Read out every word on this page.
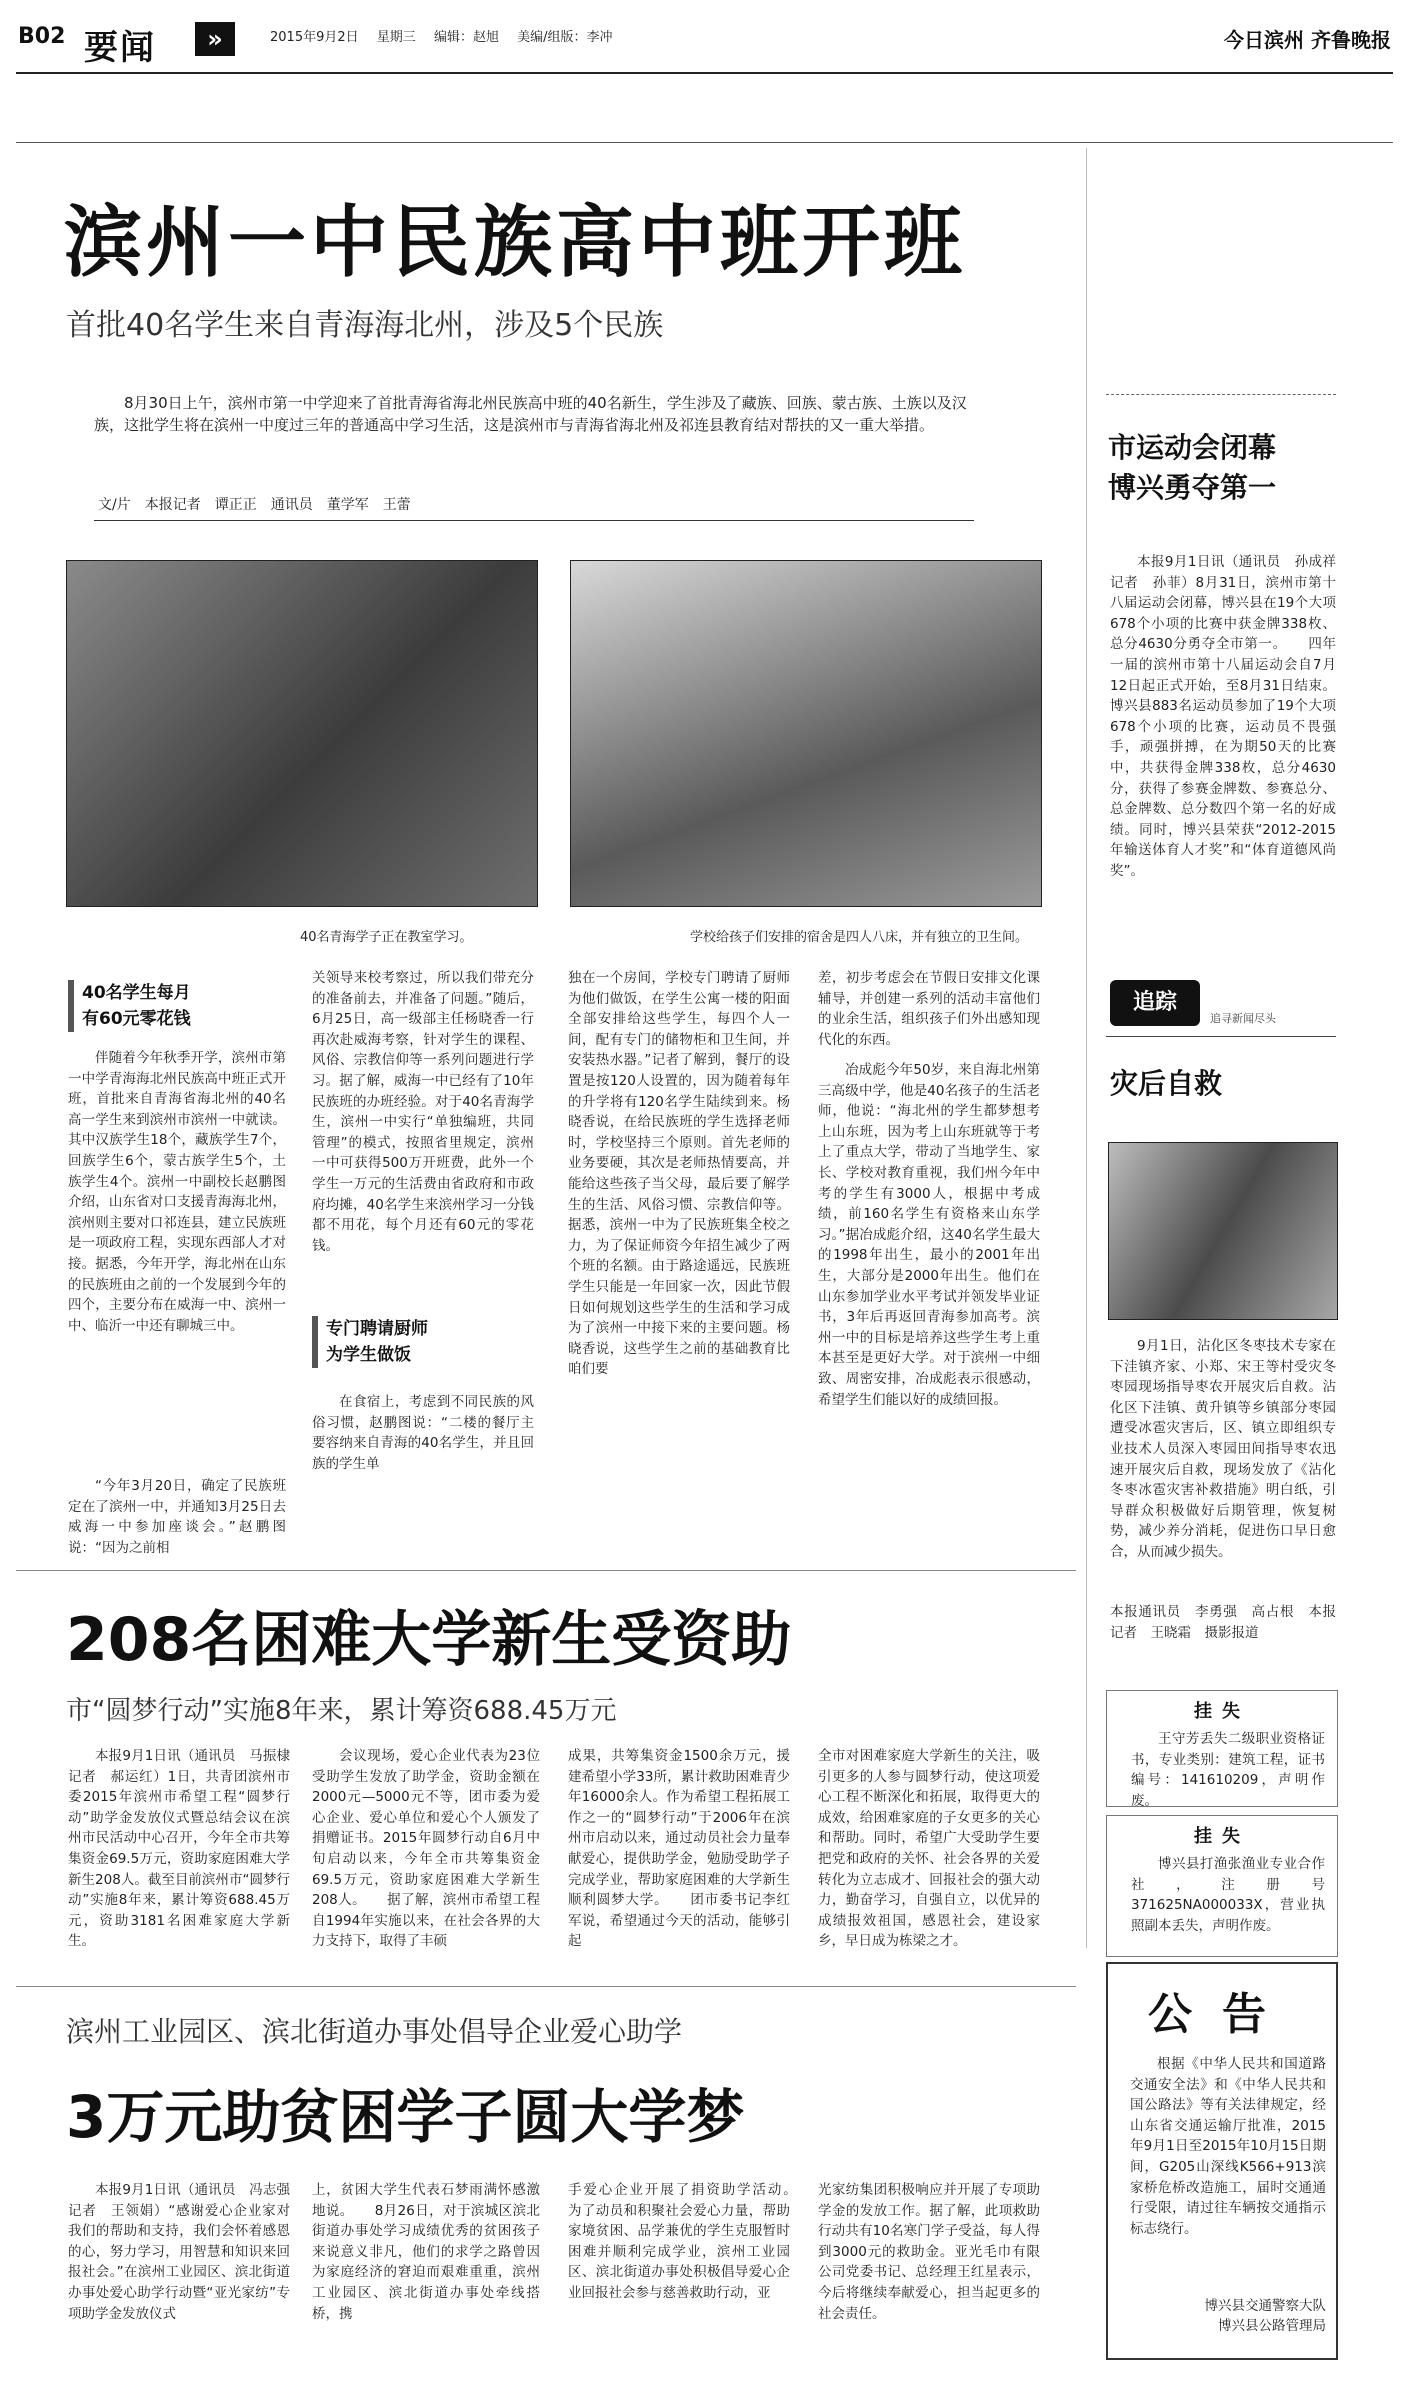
B02 要闻	»	2015年9月2日 星期三 编辑：赵旭 美编/组版：李冲	今日滨州 齐鲁晚报
滨州一中民族高中班开班
首批40名学生来自青海海北州，涉及5个民族
8月30日上午，滨州市第一中学迎来了首批青海省海北州民族高中班的40名新生，学生涉及了藏族、回族、蒙古族、土族以及汉族，这批学生将在滨州一中度过三年的普通高中学习生活，这是滨州市与青海省海北州及祁连县教育结对帮扶的又一重大举措。
文/片　本报记者　谭正正　通讯员　董学军　王蕾
40名青海学子正在教室学习。	学校给孩子们安排的宿舍是四人八床，并有独立的卫生间。
40名学生每月
有60元零花钱
伴随着今年秋季开学，滨州市第一中学青海海北州民族高中班正式开班，首批来自青海省海北州的40名高一学生来到滨州市滨州一中就读。其中汉族学生18个，藏族学生7个，回族学生6个，蒙古族学生5个，土族学生4个。滨州一中副校长赵鹏图介绍，山东省对口支援青海海北州，滨州则主要对口祁连县，建立民族班是一项政府工程，实现东西部人才对接。据悉，今年开学，海北州在山东的民族班由之前的一个发展到今年的四个，主要分布在威海一中、滨州一中、临沂一中还有聊城三中。
“今年3月20日，确定了民族班定在了滨州一中，并通知3月25日去威海一中参加座谈会。”赵鹏图说：“因为之前相
关领导来校考察过，所以我们带充分的准备前去，并准备了问题。”随后，6月25日，高一级部主任杨晓香一行再次赴威海考察，针对学生的课程、风俗、宗教信仰等一系列问题进行学习。据了解，威海一中已经有了10年民族班的办班经验。对于40名青海学生，滨州一中实行“单独编班，共同管理”的模式，按照省里规定，滨州一中可获得500万开班费，此外一个学生一万元的生活费由省政府和市政府均摊，40名学生来滨州学习一分钱都不用花，每个月还有60元的零花钱。
专门聘请厨师
为学生做饭
在食宿上，考虑到不同民族的风俗习惯，赵鹏图说：“二楼的餐厅主要容纳来自青海的40名学生，并且回族的学生单
独在一个房间，学校专门聘请了厨师为他们做饭，在学生公寓一楼的阳面全部安排给这些学生，每四个人一间，配有专门的储物柜和卫生间，并安装热水器。”记者了解到，餐厅的设置是按120人设置的，因为随着每年的升学将有120名学生陆续到来。杨晓香说，在给民族班的学生选择老师时，学校坚持三个原则。首先老师的业务要硬，其次是老师热情要高，并能给这些孩子当父母，最后要了解学生的生活、风俗习惯、宗教信仰等。据悉，滨州一中为了民族班集全校之力，为了保证师资今年招生减少了两个班的名额。由于路途遥远，民族班学生只能是一年回家一次，因此节假日如何规划这些学生的生活和学习成为了滨州一中接下来的主要问题。杨晓香说，这些学生之前的基础教育比咱们要
差，初步考虑会在节假日安排文化课辅导，并创建一系列的活动丰富他们的业余生活，组织孩子们外出感知现代化的东西。
冶成彪今年50岁，来自海北州第三高级中学，他是40名孩子的生活老师，他说：“海北州的学生都梦想考上山东班，因为考上山东班就等于考上了重点大学，带动了当地学生、家长、学校对教育重视，我们州今年中考的学生有3000人，根据中考成绩，前160名学生有资格来山东学习。”据冶成彪介绍，这40名学生最大的1998年出生，最小的2001年出生，大部分是2000年出生。他们在山东参加学业水平考试并领发毕业证书，3年后再返回青海参加高考。滨州一中的目标是培养这些学生考上重本甚至是更好大学。对于滨州一中细致、周密安排，冶成彪表示很感动，希望学生们能以好的成绩回报。
市运动会闭幕
博兴勇夺第一
本报9月1日讯（通讯员　孙成祥　记者　孙菲）8月31日，滨州市第十八届运动会闭幕，博兴县在19个大项678个小项的比赛中获金牌338枚、总分4630分勇夺全市第一。　　四年一届的滨州市第十八届运动会自7月12日起正式开始，至8月31日结束。博兴县883名运动员参加了19个大项678个小项的比赛，运动员不畏强手，顽强拼搏，在为期50天的比赛中，共获得金牌338枚，总分4630分，获得了参赛金牌数、参赛总分、总金牌数、总分数四个第一名的好成绩。同时，博兴县荣获“2012-2015年输送体育人才奖”和“体育道德风尚奖”。
追踪
追寻新闻尽头
灾后自救
9月1日，沾化区冬枣技术专家在下洼镇齐家、小郑、宋王等村受灾冬枣园现场指导枣农开展灾后自救。沾化区下洼镇、黄升镇等乡镇部分枣园遭受冰雹灾害后，区、镇立即组织专业技术人员深入枣园田间指导枣农迅速开展灾后自救，现场发放了《沾化冬枣冰雹灾害补救措施》明白纸，引导群众积极做好后期管理，恢复树势，减少养分消耗，促进伤口早日愈合，从而减少损失。
本报通讯员　李勇强　高占根　本报记者　王晓霜　摄影报道
挂失
王守芳丢失二级职业资格证书，专业类别：建筑工程，证书编号：141610209，声明作废。
挂失
博兴县打渔张渔业专业合作社，注册号371625NA000033X，营业执照副本丢失，声明作废。
公告
根据《中华人民共和国道路交通安全法》和《中华人民共和国公路法》等有关法律规定，经山东省交通运输厅批准，2015年9月1日至2015年10月15日期间，G205山深线K566+913滨家桥危桥改造施工，届时交通通行受限，请过往车辆按交通指示标志绕行。
博兴县交通警察大队
博兴县公路管理局
208名困难大学新生受资助
市“圆梦行动”实施8年来，累计筹资688.45万元
本报9月1日讯（通讯员　马振棣　记者　郝运红）1日，共青团滨州市委2015年滨州市希望工程“圆梦行动”助学金发放仪式暨总结会议在滨州市民活动中心召开，今年全市共筹集资金69.5万元，资助家庭困难大学新生208人。截至目前滨州市“圆梦行动”实施8年来，累计筹资688.45万元，资助3181名困难家庭大学新生。
会议现场，爱心企业代表为23位受助学生发放了助学金，资助金额在2000元—5000元不等，团市委为爱心企业、爱心单位和爱心个人颁发了捐赠证书。2015年圆梦行动自6月中旬启动以来，今年全市共筹集资金69.5万元，资助家庭困难大学新生208人。　　据了解，滨州市希望工程自1994年实施以来，在社会各界的大力支持下，取得了丰硕
成果，共筹集资金1500余万元，援建希望小学33所，累计救助困难青少年16000余人。作为希望工程拓展工作之一的“圆梦行动”于2006年在滨州市启动以来，通过动员社会力量奉献爱心，提供助学金，勉励受助学子完成学业，帮助家庭困难的大学新生顺利圆梦大学。　　团市委书记李红军说，希望通过今天的活动，能够引起
全市对困难家庭大学新生的关注，吸引更多的人参与圆梦行动，使这项爱心工程不断深化和拓展，取得更大的成效，给困难家庭的子女更多的关心和帮助。同时，希望广大受助学生要把党和政府的关怀、社会各界的关爱转化为立志成才、回报社会的强大动力，勤奋学习，自强自立，以优异的成绩报效祖国，感恩社会，建设家乡，早日成为栋梁之才。
滨州工业园区、滨北街道办事处倡导企业爱心助学
3万元助贫困学子圆大学梦
本报9月1日讯（通讯员　冯志强　记者　王领娟）“感谢爱心企业家对我们的帮助和支持，我们会怀着感恩的心，努力学习，用智慧和知识来回报社会。”在滨州工业园区、滨北街道办事处爱心助学行动暨“亚光家纺”专项助学金发放仪式
上，贫困大学生代表石梦雨满怀感激地说。　　8月26日，对于滨城区滨北街道办事处学习成绩优秀的贫困孩子来说意义非凡，他们的求学之路曾因为家庭经济的窘迫而艰难重重，滨州工业园区、滨北街道办事处牵线搭桥，携
手爱心企业开展了捐资助学活动。　　为了动员和积聚社会爱心力量，帮助家境贫困、品学兼优的学生克服暂时困难并顺利完成学业，滨州工业园区、滨北街道办事处积极倡导爱心企业回报社会参与慈善救助行动，亚
光家纺集团积极响应并开展了专项助学金的发放工作。据了解，此项救助行动共有10名寒门学子受益，每人得到3000元的救助金。亚光毛巾有限公司党委书记、总经理王红星表示，今后将继续奉献爱心，担当起更多的社会责任。
